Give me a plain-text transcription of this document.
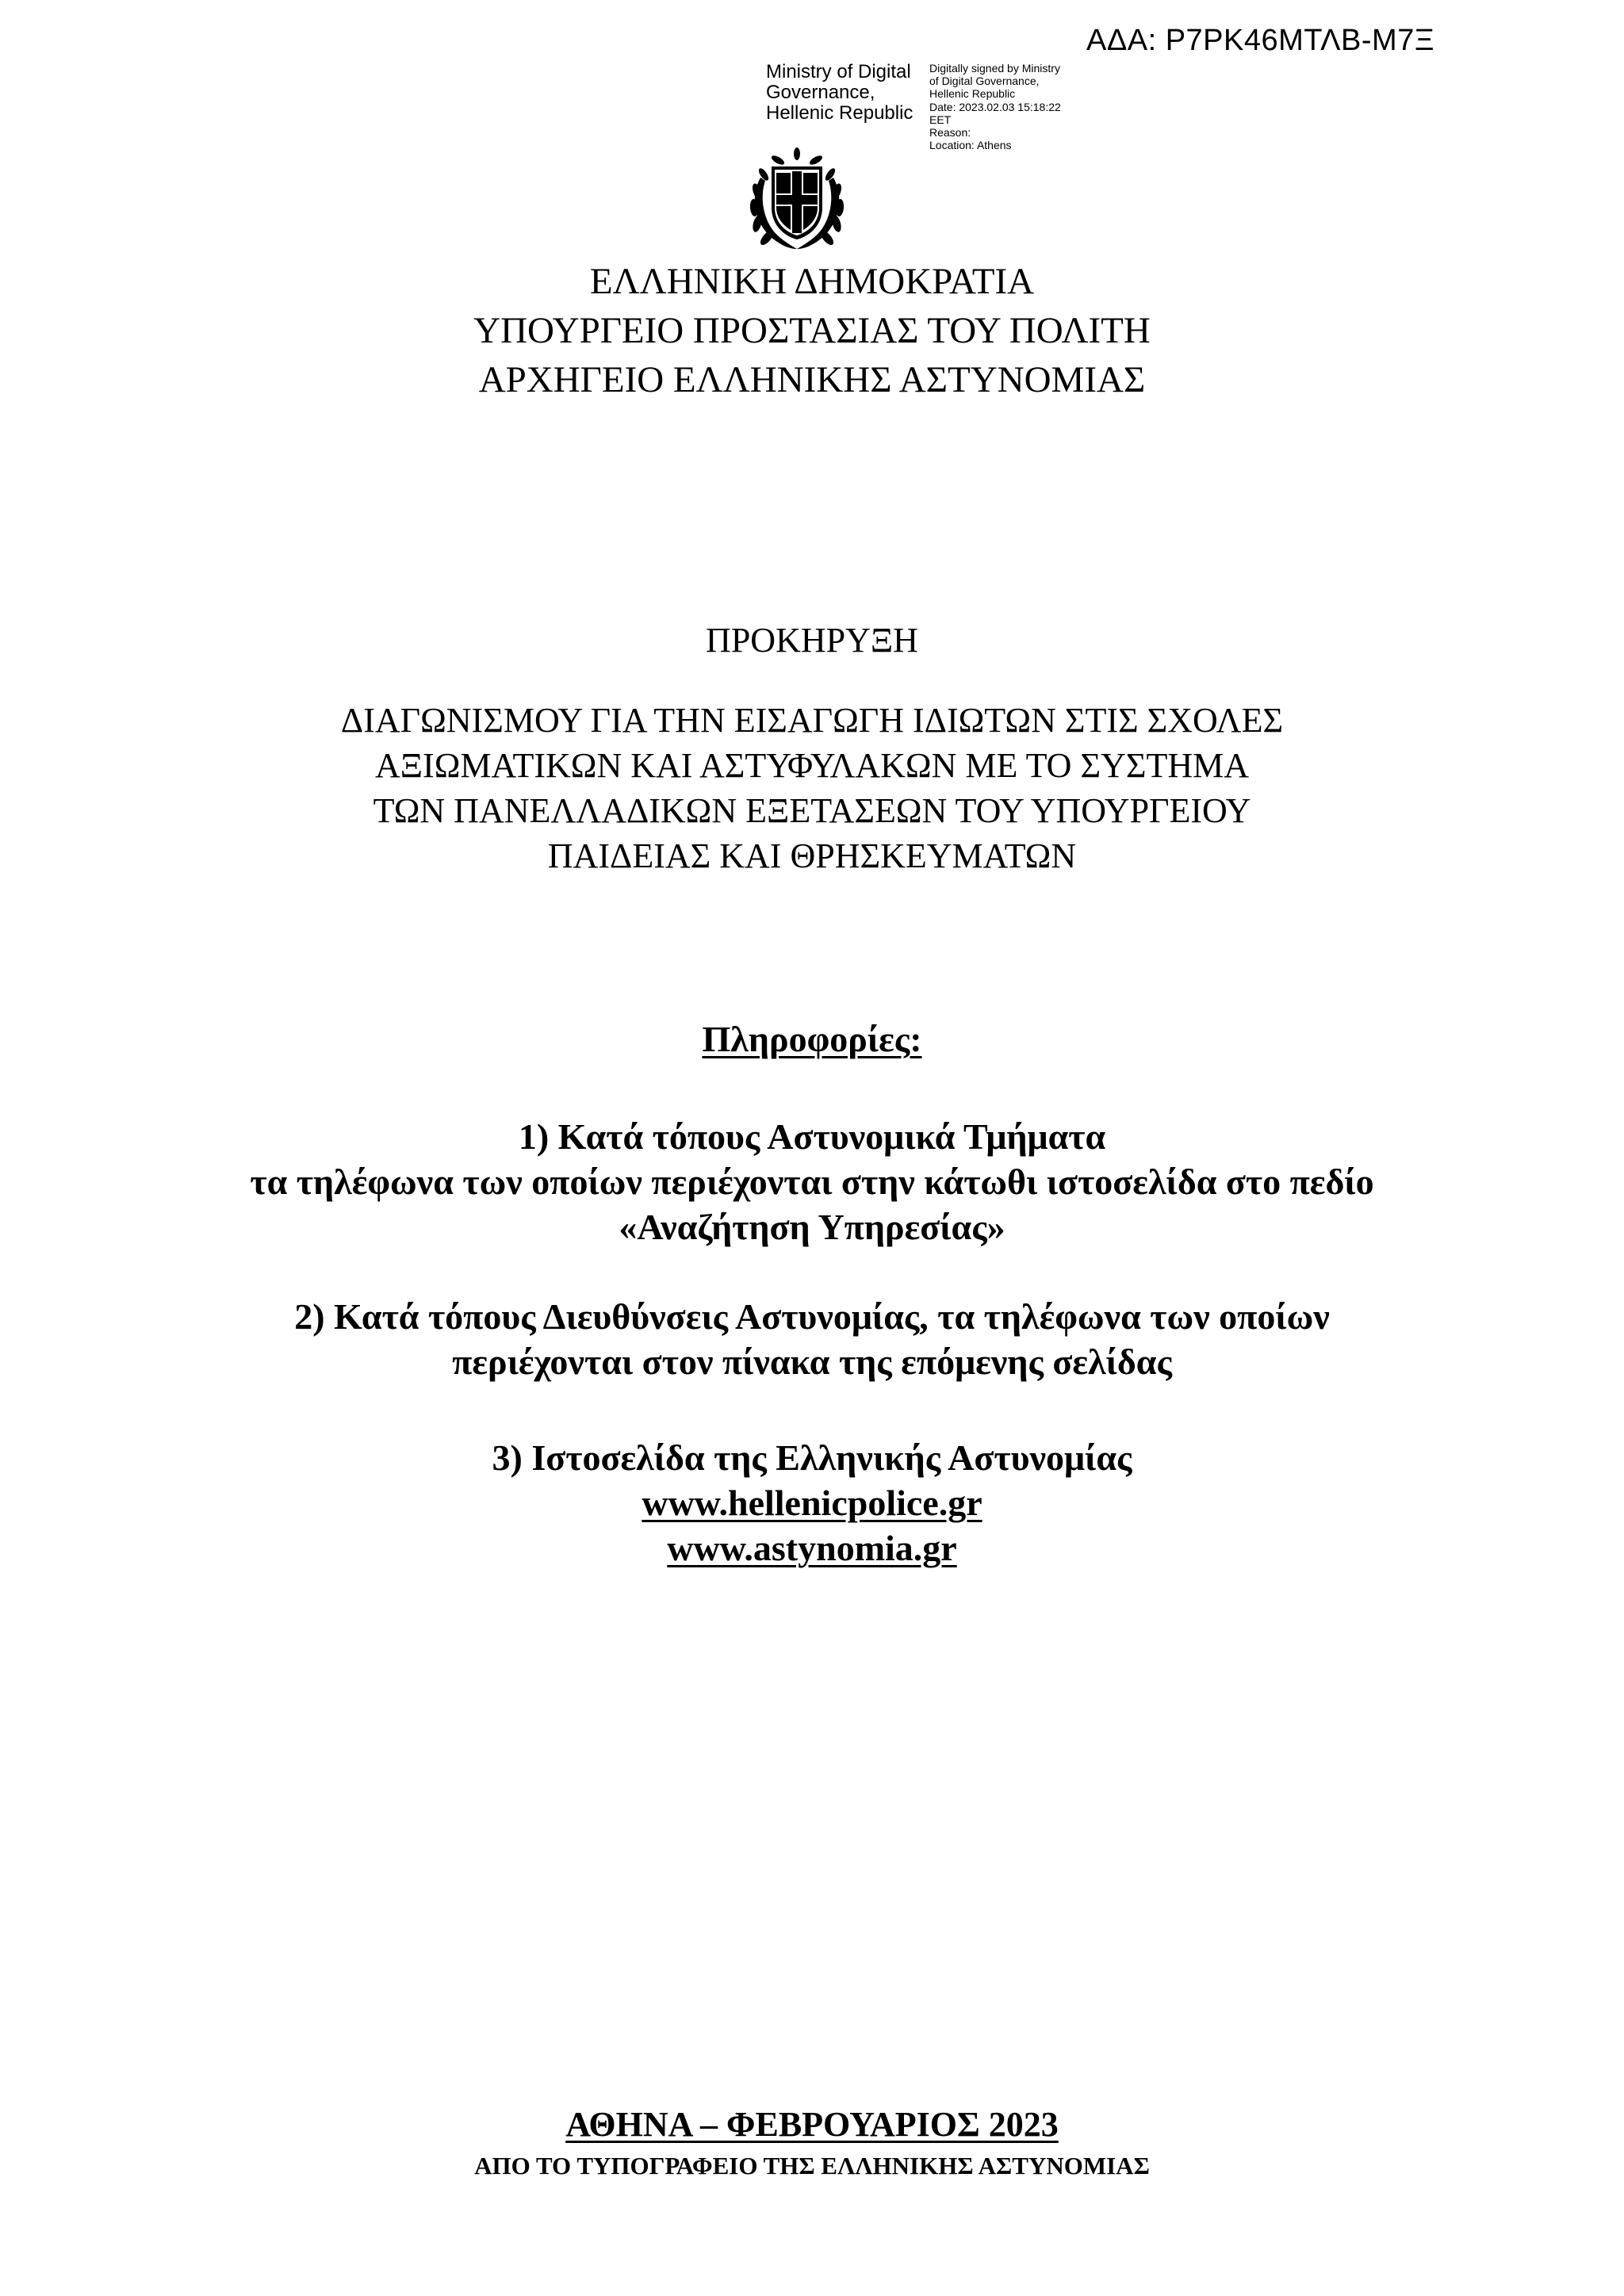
ΑΔΑ: Ρ7ΡΚ46ΜΤΛΒ-Μ7Ξ
Ministry of Digital
Governance,
Hellenic Republic
Digitally signed by Ministry
of Digital Governance,
Hellenic Republic
Date: 2023.02.03 15:18:22
EET
Reason:
Location: Athens
ΕΛΛΗΝΙΚΗ ΔΗΜΟΚΡΑΤΙΑ
ΥΠΟΥΡΓΕΙΟ ΠΡΟΣΤΑΣΙΑΣ ΤΟΥ ΠΟΛΙΤΗ
ΑΡΧΗΓΕΙΟ ΕΛΛΗΝΙΚΗΣ ΑΣΤΥΝΟΜΙΑΣ
ΠΡΟΚΗΡΥΞΗ
ΔΙΑΓΩΝΙΣΜΟΥ ΓΙΑ ΤΗΝ ΕΙΣΑΓΩΓΗ ΙΔΙΩΤΩΝ ΣΤΙΣ ΣΧΟΛΕΣ
ΑΞΙΩΜΑΤΙΚΩΝ ΚΑΙ ΑΣΤΥΦΥΛΑΚΩΝ ΜΕ ΤΟ ΣΥΣΤΗΜΑ
ΤΩΝ ΠΑΝΕΛΛΑΔΙΚΩΝ ΕΞΕΤΑΣΕΩΝ ΤΟΥ ΥΠΟΥΡΓΕΙΟΥ
ΠΑΙΔΕΙΑΣ ΚΑΙ ΘΡΗΣΚΕΥΜΑΤΩΝ
Πληροφορίες:
1) Κατά τόπους Αστυνομικά Τμήματα
τα τηλέφωνα των οποίων περιέχονται στην κάτωθι ιστοσελίδα στο πεδίο
«Αναζήτηση Υπηρεσίας»
2) Κατά τόπους Διευθύνσεις Αστυνομίας, τα τηλέφωνα των οποίων
περιέχονται στον πίνακα της επόμενης σελίδας
3) Ιστοσελίδα της Ελληνικής Αστυνομίας
www.hellenicpolice.gr
www.astynomia.gr
ΑΘΗΝΑ – ΦΕΒΡΟΥΑΡΙΟΣ 2023
ΑΠΟ ΤΟ ΤΥΠΟΓΡΑΦΕΙΟ ΤΗΣ ΕΛΛΗΝΙΚΗΣ ΑΣΤΥΝΟΜΙΑΣ
